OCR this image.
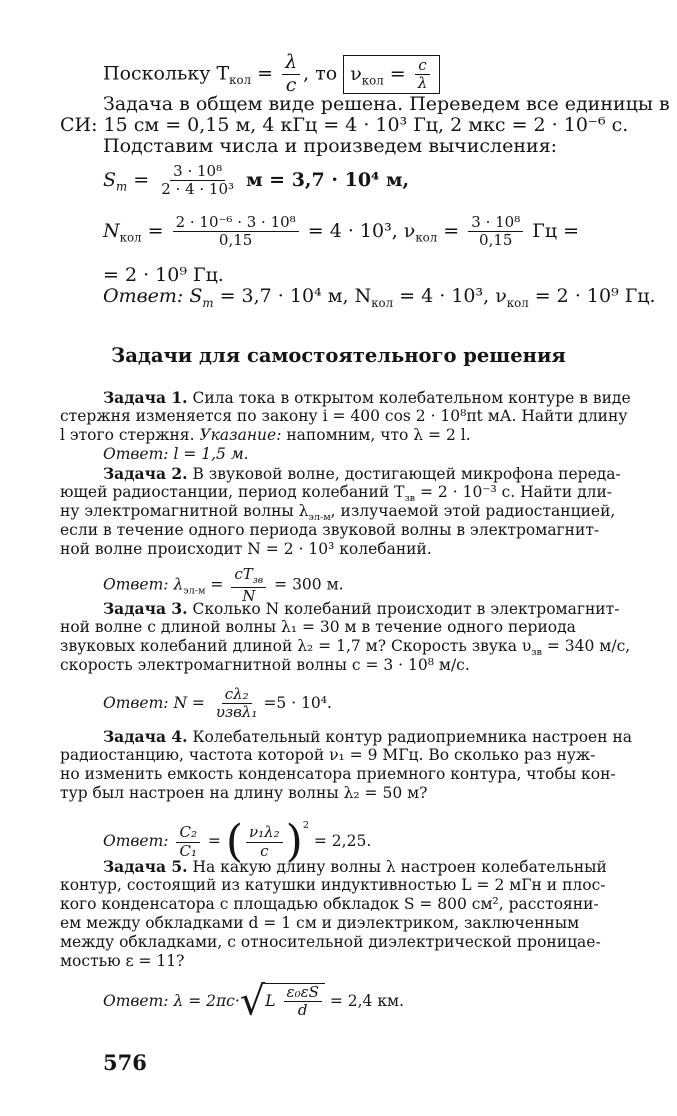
Поскольку $T_{кол} = \frac{\lambda}{c}$ , то $\nu_{кол} = \frac{c}{\lambda}$
Задача в общем виде решена. Переведем все единицы в
СИ: 15 см = 0,15 м, 4 кГц = 4 · 10³ Гц, 2 мкс = 2 · 10⁻⁶ с.
Подставим числа и произведем вычисления:
$S_m = \frac{\text{3 · 10⁸}}{\text{2 · 4 · 10³}}$ м = 3,7 · 10⁴ м,
$N_{кол} = \frac{\text{2 · 10⁻⁶ · 3 · 10⁸}}{0,15} = 4 \cdot 10^3$, $\nu_{кол} = \frac{\text{3 · 10⁸}}{0,15}$ Гц =
= 2 · 10⁹ Гц.
Ответ: $S_m = 3,7 \cdot 10^4$ м, $N_{кол} = 4 \cdot 10^3$, $\nu_{кол} = 2 \cdot 10^9$ Гц.
Задачи для самостоятельного решения
Задача 1. Сила тока в открытом колебательном контуре в виде
стержня изменяется по закону i = 400 cos 2 · 10⁸πt мА. Найти длину
l этого стержня. Указание: напомним, что λ = 2 l.
Ответ: l = 1,5 м.
Задача 2. В звуковой волне, достигающей микрофона переда-
ющей радиостанции, период колебаний $T_{зв} = 2 \cdot 10^{-3}$ с. Найти дли-
ну электромагнитной волны $\lambda_{эл-м}$, излучаемой этой радиостанцией,
если в течение одного периода звуковой волны в электромагнит-
ной волне происходит N = 2 · 10³ колебаний.
Ответ: $\lambda_{эл-м} = \frac{cT_{зв}}{N} = 300$ м.
Задача 3. Сколько N колебаний происходит в электромагнит-
ной волне с длиной волны λ₁ = 30 м в течение одного периода
звуковых колебаний длиной λ₂ = 1,7 м? Скорость звука $\upsilon_{зв} = 340$ м/с,
скорость электромагнитной волны c = 3 · 10⁸ м/с.
Ответ: $N = \frac{\text{cλ₂}}{\text{υзвλ₁}} =5 \cdot 10^4$.
Задача 4. Колебательный контур радиоприемника настроен на
радиостанцию, частота которой ν₁ = 9 МГц. Во сколько раз нуж-
но изменить емкость конденсатора приемного контура, чтобы кон-
тур был настроен на длину волны λ₂ = 50 м?
Ответ: $\frac{\text{C₂}}{\text{C₁}}$ = ( $\frac{\text{ν₁λ₂}}{c} )^2 = 2,25$.
Задача 5. На какую длину волны λ настроен колебательный
контур, состоящий из катушки индуктивностью L = 2 мГн и плос-
кого конденсатора с площадью обкладок S = 800 см², расстояни-
ем между обкладками d = 1 см и диэлектриком, заключенным
между обкладками, с относительной диэлектрической проницае-
мостью ε = 11?
Ответ: $\lambda = 2\pi c\cdot√L \frac{\text{ε₀εS}}{d} = 2,4$ км.
576
